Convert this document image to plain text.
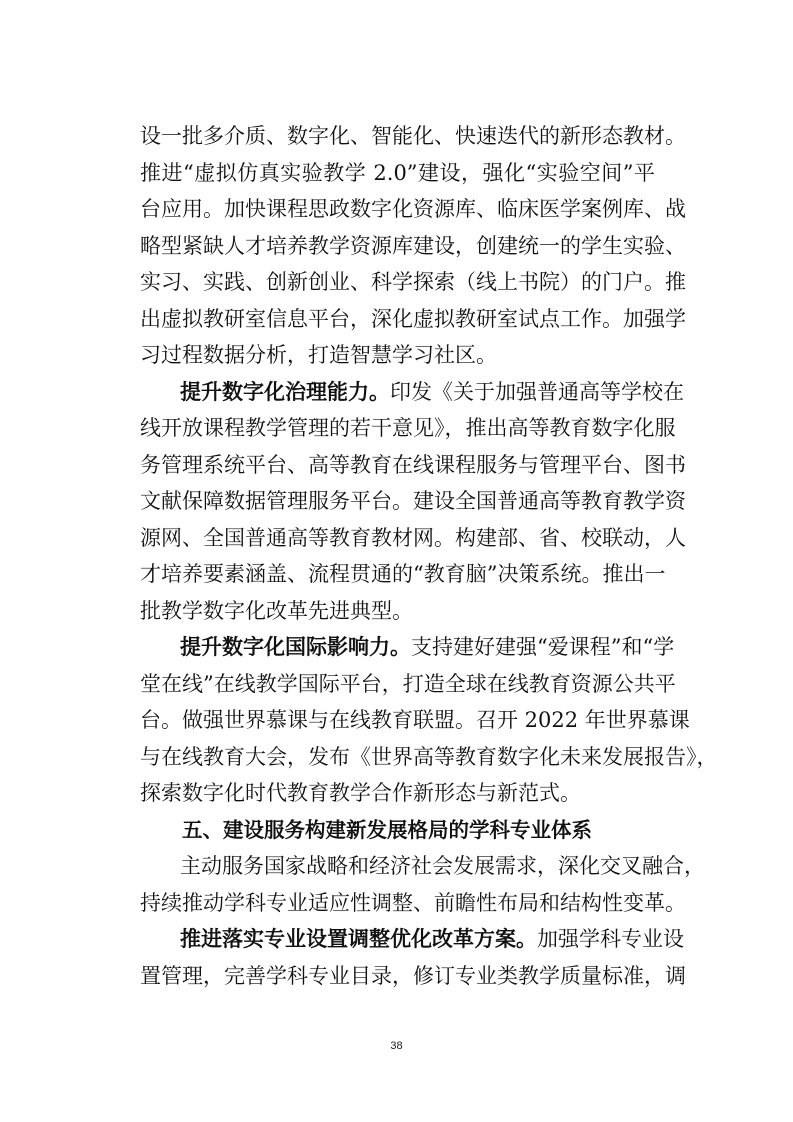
设一批多介质、数字化、智能化、快速迭代的新形态教材。
推进“虚拟仿真实验教学 2.0”建设，强化“实验空间”平
台应用。加快课程思政数字化资源库、临床医学案例库、战
略型紧缺人才培养教学资源库建设，创建统一的学生实验、
实习、实践、创新创业、科学探索（线上书院）的门户。推
出虚拟教研室信息平台，深化虚拟教研室试点工作。加强学
习过程数据分析，打造智慧学习社区。
提升数字化治理能力。印发《关于加强普通高等学校在
线开放课程教学管理的若干意见》，推出高等教育数字化服
务管理系统平台、高等教育在线课程服务与管理平台、图书
文献保障数据管理服务平台。建设全国普通高等教育教学资
源网、全国普通高等教育教材网。构建部、省、校联动，人
才培养要素涵盖、流程贯通的“教育脑”决策系统。推出一
批教学数字化改革先进典型。
提升数字化国际影响力。支持建好建强“爱课程”和“学
堂在线”在线教学国际平台，打造全球在线教育资源公共平
台。做强世界慕课与在线教育联盟。召开 2022 年世界慕课
与在线教育大会，发布《世界高等教育数字化未来发展报告》，
探索数字化时代教育教学合作新形态与新范式。
五、建设服务构建新发展格局的学科专业体系
主动服务国家战略和经济社会发展需求，深化交叉融合，
持续推动学科专业适应性调整、前瞻性布局和结构性变革。
推进落实专业设置调整优化改革方案。加强学科专业设
置管理，完善学科专业目录，修订专业类教学质量标准，调
38
